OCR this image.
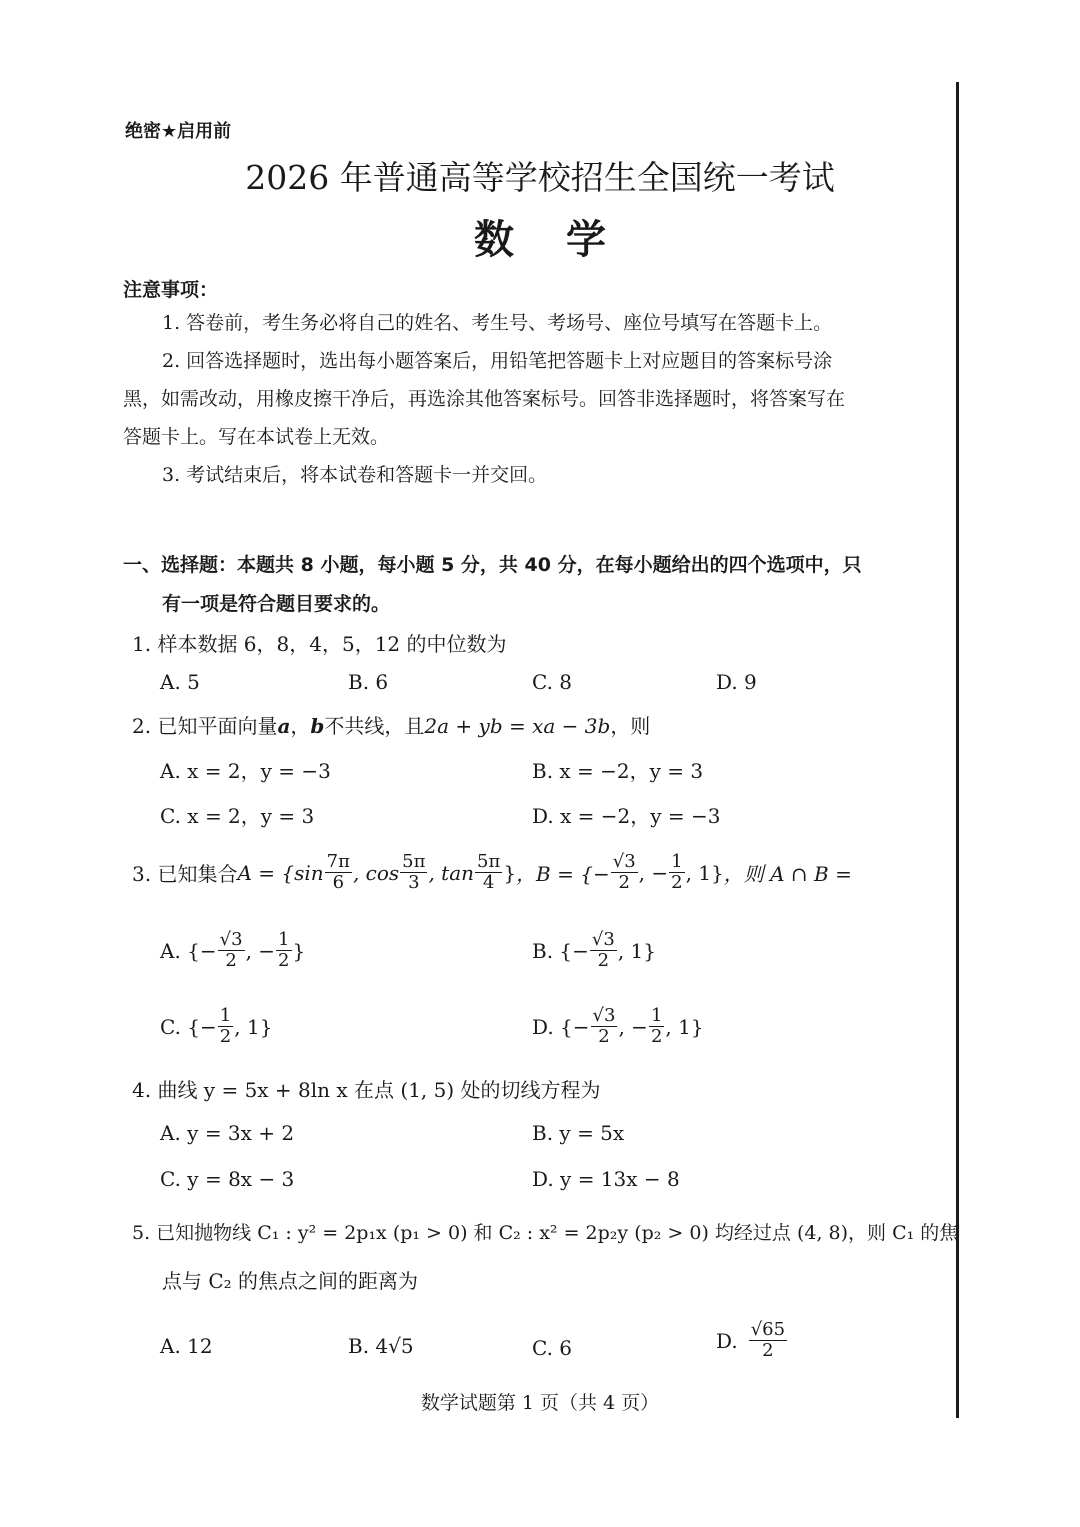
绝密★启用前
2026 年普通高等学校招生全国统一考试
数学
注意事项：
1. 答卷前，考生务必将自己的姓名、考生号、考场号、座位号填写在答题卡上。
2. 回答选择题时，选出每小题答案后，用铅笔把答题卡上对应题目的答案标号涂
黑，如需改动，用橡皮擦干净后，再选涂其他答案标号。回答非选择题时，将答案写在
答题卡上。写在本试卷上无效。
3. 考试结束后，将本试卷和答题卡一并交回。
一、选择题：本题共 8 小题，每小题 5 分，共 40 分，在每小题给出的四个选项中，只
有一项是符合题目要求的。
1. 样本数据 6，8，4，5，12 的中位数为
A. 5	B. 6	C. 8	D. 9
2. 已知平面向量a，b不共线，且2a + yb = xa − 3b，则
A. x = 2，y = −3	B. x = −2，y = 3
C. x = 2，y = 3	D. x = −2，y = −3
3. 已知集合 $A = \{\sin \frac{7\pi}{6}$ , $\cos \frac{5\pi}{3}$ , $\tan \frac{5\pi}{4}$ } ，B = {− $\frac{√3}{2}$ , − $\frac{1}{2}$ , 1} ，则 A ∩ B =
A. {− $\frac{√3}{2}$ , − $\frac{1}{2}$ }	B. {− $\frac{√3}{2}$ , 1}
C. {− $\frac{1}{2}$ , 1}	D. {− $\frac{√3}{2}$ , − $\frac{1}{2}$ , 1}
4. 曲线 y = 5x + 8ln x 在点 (1, 5) 处的切线方程为
A. y = 3x + 2	B. y = 5x
C. y = 8x − 3	D. y = 13x − 8
5. 已知抛物线 C₁ : y² = 2p₁x (p₁ > 0) 和 C₂ : x² = 2p₂y (p₂ > 0) 均经过点 (4, 8)，则 C₁ 的焦
点与 C₂ 的焦点之间的距离为
A. 12	B. 4√5	C. 6	D. $\frac{√65}{2}$
数学试题第 1 页（共 4 页）
